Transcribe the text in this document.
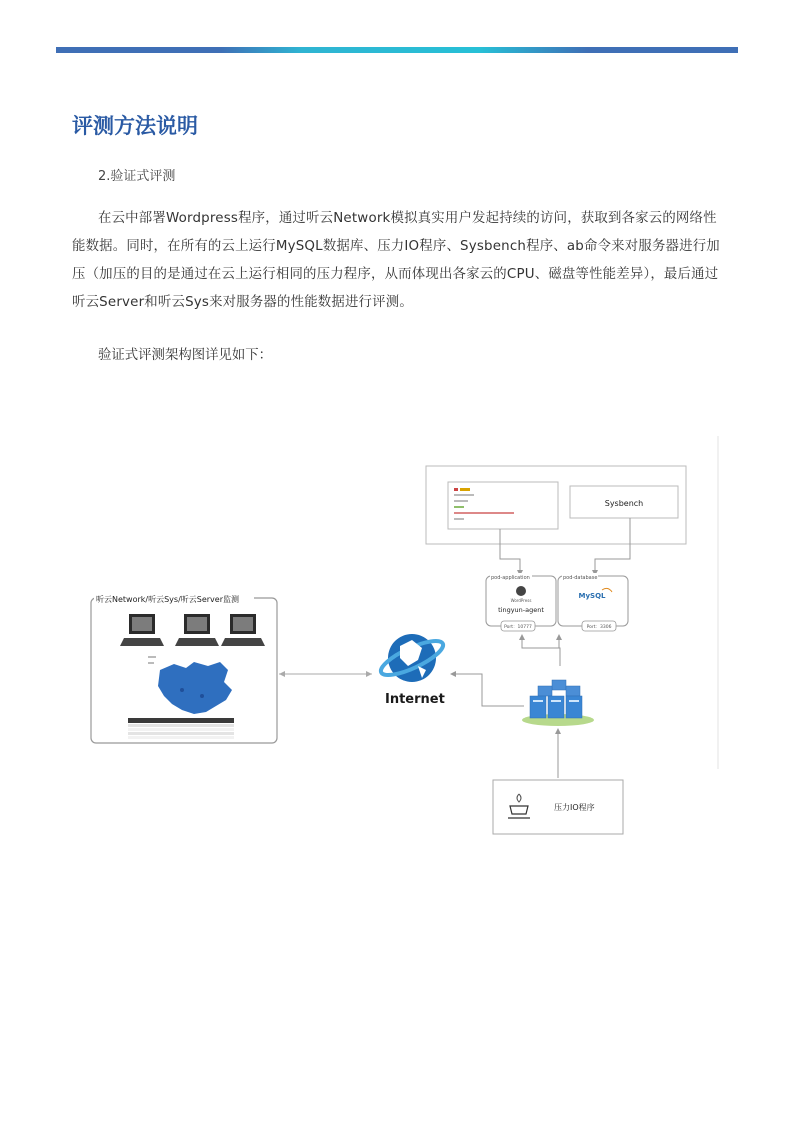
评测方法说明
2.验证式评测

在云中部署Wordpress程序，通过听云Network模拟真实用户发起持续的访问，获取到各家云的网络性能数据。同时，在所有的云上运行MySQL数据库、压力IO程序、Sysbench程序、ab命令来对服务器进行加压（加压的目的是通过在云上运行相同的压力程序，从而体现出各家云的CPU、磁盘等性能差异），最后通过听云Server和听云Sys来对服务器的性能数据进行评测。

验证式评测架构图详见如下：
听云Network/听云Sys/听云Server监测
Internet
Sysbench
pod-application
WordPress
tingyun-agent
Port：10777
pod-database
MySQL
Port：3306
压力IO程序
